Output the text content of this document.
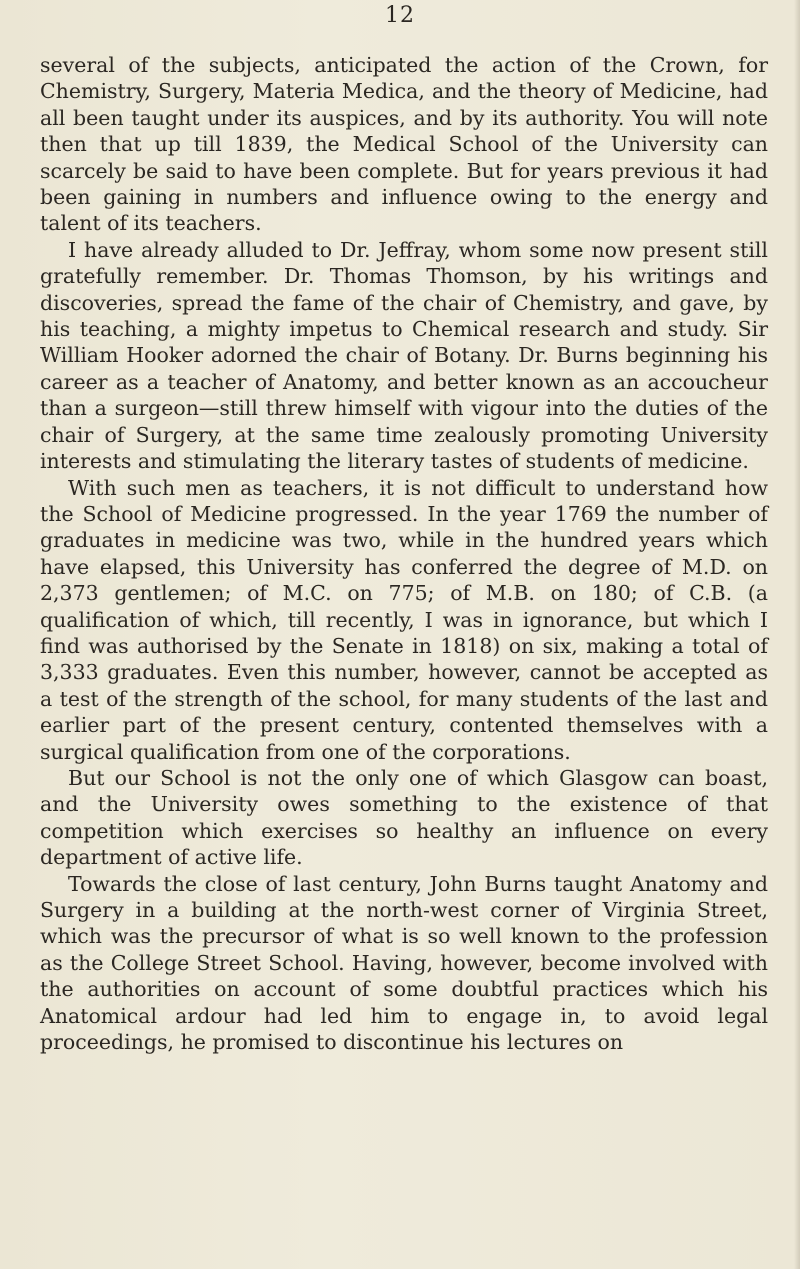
12

several of the subjects, anticipated the action of the Crown, for Chemistry, Surgery, Materia Medica, and the theory of Medicine, had all been taught under its auspices, and by its authority. You will note then that up till 1839, the Medical School of the University can scarcely be said to have been complete. But for years previous it had been gaining in numbers and influence owing to the energy and talent of its teachers.

I have already alluded to Dr. Jeffray, whom some now present still gratefully remember. Dr. Thomas Thomson, by his writings and discoveries, spread the fame of the chair of Chemistry, and gave, by his teaching, a mighty impetus to Chemical research and study. Sir William Hooker adorned the chair of Botany. Dr. Burns beginning his career as a teacher of Anatomy, and better known as an accoucheur than a surgeon—still threw himself with vigour into the duties of the chair of Surgery, at the same time zealously promoting University interests and stimulating the literary tastes of students of medicine.

With such men as teachers, it is not difficult to understand how the School of Medicine progressed. In the year 1769 the number of graduates in medicine was two, while in the hundred years which have elapsed, this University has conferred the degree of M.D. on 2,373 gentlemen; of M.C. on 775; of M.B. on 180; of C.B. (a qualification of which, till recently, I was in ignorance, but which I find was authorised by the Senate in 1818) on six, making a total of 3,333 graduates. Even this number, however, cannot be accepted as a test of the strength of the school, for many students of the last and earlier part of the present century, contented themselves with a surgical qualification from one of the corporations.

But our School is not the only one of which Glasgow can boast, and the University owes something to the existence of that competition which exercises so healthy an influence on every department of active life.

Towards the close of last century, John Burns taught Anatomy and Surgery in a building at the north-west corner of Virginia Street, which was the precursor of what is so well known to the profession as the College Street School. Having, however, become involved with the authorities on account of some doubtful practices which his Anatomical ardour had led him to engage in, to avoid legal proceedings, he promised to discontinue his lectures on
